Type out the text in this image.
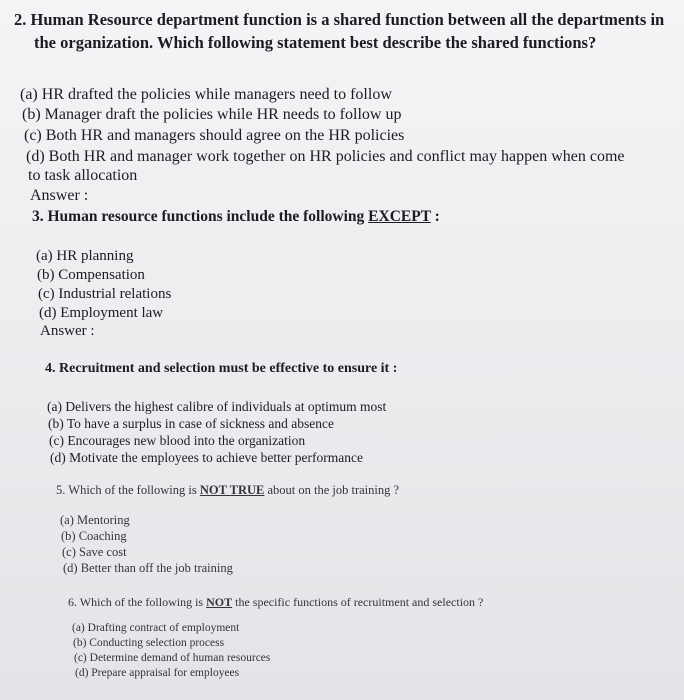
2. Human Resource department function is a shared function between all the departments in
the organization. Which following statement best describe the shared functions?
(a) HR drafted the policies while managers need to follow
(b) Manager draft the policies while HR needs to follow up
(c) Both HR and managers should agree on the HR policies
(d) Both HR and manager work together on HR policies and conflict may happen when come
to task allocation
Answer :
3. Human resource functions include the following EXCEPT :
(a) HR planning
(b) Compensation
(c) Industrial relations
(d) Employment law
Answer :
4. Recruitment and selection must be effective to ensure it :
(a) Delivers the highest calibre of individuals at optimum most
(b) To have a surplus in case of sickness and absence
(c) Encourages new blood into the organization
(d) Motivate the employees to achieve better performance
5. Which of the following is NOT TRUE about on the job training ?
(a) Mentoring
(b) Coaching
(c) Save cost
(d) Better than off the job training
6. Which of the following is NOT the specific functions of recruitment and selection ?
(a) Drafting contract of employment
(b) Conducting selection process
(c) Determine demand of human resources
(d) Prepare appraisal for employees
